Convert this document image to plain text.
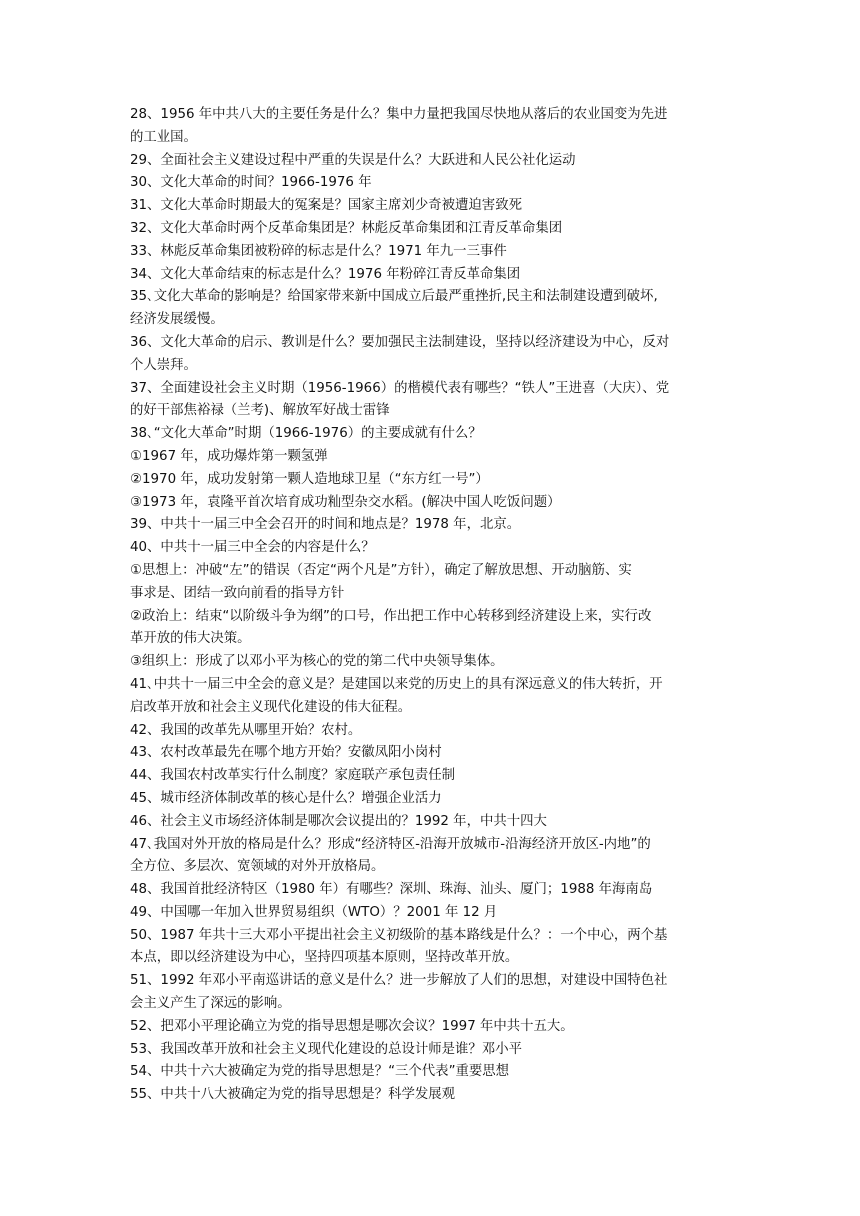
28、1956 年中共八大的主要任务是什么？集中力量把我国尽快地从落后的农业国变为先进
的工业国。
29、全面社会主义建设过程中严重的失误是什么？大跃进和人民公社化运动
30、文化大革命的时间？1966-1976 年
31、文化大革命时期最大的冤案是？国家主席刘少奇被遭迫害致死
32、文化大革命时两个反革命集团是？林彪反革命集团和江青反革命集团
33、林彪反革命集团被粉碎的标志是什么？1971 年九一三事件
34、文化大革命结束的标志是什么？1976 年粉碎江青反革命集团
35､文化大革命的影响是？给国家带来新中国成立后最严重挫折,民主和法制建设遭到破坏,
经济发展缓慢。
36、文化大革命的启示、教训是什么？要加强民主法制建设，坚持以经济建设为中心，反对
个人崇拜。
37、全面建设社会主义时期（1956-1966）的楷模代表有哪些？“铁人”王进喜（大庆）、党
的好干部焦裕禄（兰考)、解放军好战士雷锋
38､“文化大革命”时期（1966-1976）的主要成就有什么？
①1967 年，成功爆炸第一颗氢弹
②1970 年，成功发射第一颗人造地球卫星（“东方红一号”）
③1973 年，袁隆平首次培育成功籼型杂交水稻。(解决中国人吃饭问题）
39、中共十一届三中全会召开的时间和地点是？1978 年，北京。
40、中共十一届三中全会的内容是什么？
①思想上：冲破“左”的错误（否定“两个凡是”方针），确定了解放思想、开动脑筋、实
事求是、团结一致向前看的指导方针
②政治上：结束“以阶级斗争为纲”的口号，作出把工作中心转移到经济建设上来，实行改
革开放的伟大决策。
③组织上：形成了以邓小平为核心的党的第二代中央领导集体。
41､中共十一届三中全会的意义是？是建国以来党的历史上的具有深远意义的伟大转折，开
启改革开放和社会主义现代化建设的伟大征程。
42、我国的改革先从哪里开始？农村。
43、农村改革最先在哪个地方开始？安徽凤阳小岗村
44、我国农村改革实行什么制度？家庭联产承包责任制
45、城市经济体制改革的核心是什么？增强企业活力
46、社会主义市场经济体制是哪次会议提出的？1992 年，中共十四大
47､我国对外开放的格局是什么？形成“经济特区-沿海开放城市-沿海经济开放区-内地”的
全方位、多层次、宽领域的对外开放格局。
48、我国首批经济特区（1980 年）有哪些？深圳、珠海、汕头、厦门；1988 年海南岛
49、中国哪一年加入世界贸易组织（WTO）？2001 年 12 月
50、1987 年共十三大邓小平提出社会主义初级阶的基本路线是什么？：一个中心，两个基
本点，即以经济建设为中心，坚持四项基本原则，坚持改革开放。
51、1992 年邓小平南巡讲话的意义是什么？进一步解放了人们的思想，对建设中国特色社
会主义产生了深远的影响。
52、把邓小平理论确立为党的指导思想是哪次会议？1997 年中共十五大。
53、我国改革开放和社会主义现代化建设的总设计师是谁？邓小平
54、中共十六大被确定为党的指导思想是？“三个代表”重要思想
55、中共十八大被确定为党的指导思想是？科学发展观
